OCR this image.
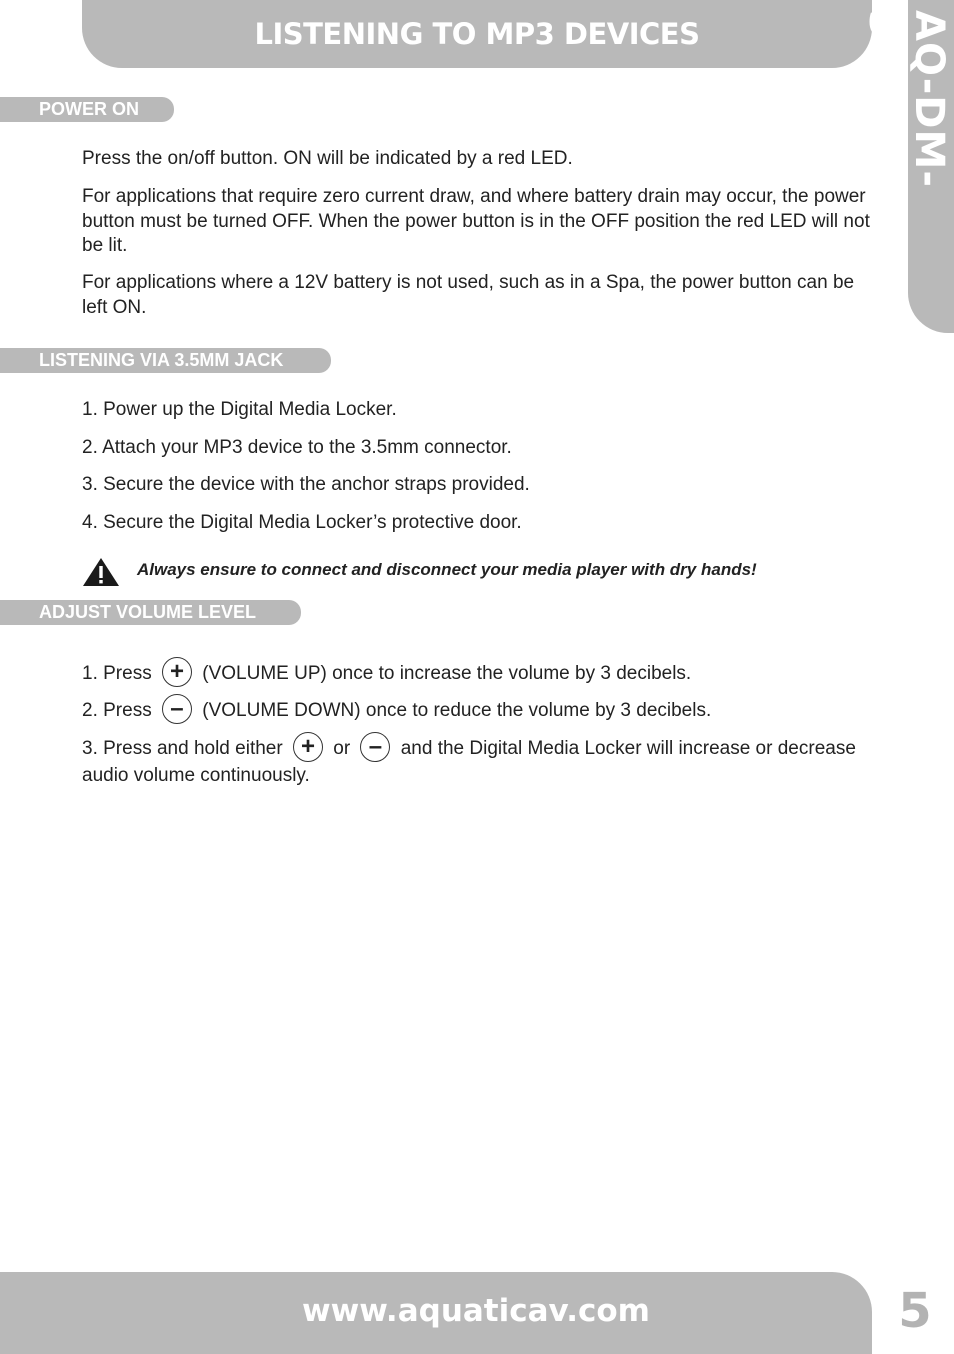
LISTENING TO MP3 DEVICES	AQ-DM-3B
POWER ON

Press the on/off button. ON will be indicated by a red LED.

For applications that require zero current draw, and where battery drain may occur, the power button must be turned OFF. When the power button is in the OFF position the red LED will not be lit.

For applications where a 12V battery is not used, such as in a Spa, the power button can be left ON.

LISTENING VIA 3.5MM JACK

1. Power up the Digital Media Locker.

2. Attach your MP3 device to the 3.5mm connector.

3. Secure the device with the anchor straps provided.

4. Secure the Digital Media Locker’s protective door.

Always ensure to connect and disconnect your media player with dry hands!
ADJUST VOLUME LEVEL

1. Press + (VOLUME UP) once to increase the volume by 3 decibels.

2. Press – (VOLUME DOWN) once to reduce the volume by 3 decibels.

3. Press and hold either + or – and the Digital Media Locker will increase or decrease audio volume continuously.

www.aquaticav.com	5
